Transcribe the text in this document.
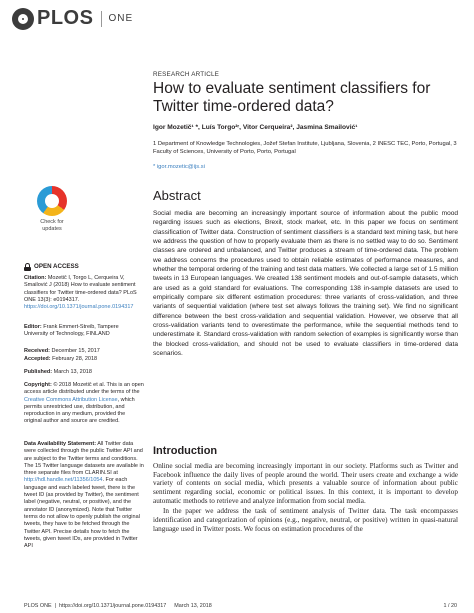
PLOS ONE
RESEARCH ARTICLE
How to evaluate sentiment classifiers for Twitter time-ordered data?
Igor Mozetič¹ *, Luís Torgo²ʳ, Vitor Cerqueira², Jasmina Smailović¹
1 Department of Knowledge Technologies, Jožef Stefan Institute, Ljubljana, Slovenia, 2 INESC TEC, Porto, Portugal, 3 Faculty of Sciences, University of Porto, Porto, Portugal
* igor.mozetic@ijs.si
Abstract
Social media are becoming an increasingly important source of information about the public mood regarding issues such as elections, Brexit, stock market, etc. In this paper we focus on sentiment classification of Twitter data. Construction of sentiment classifiers is a standard text mining task, but here we address the question of how to properly evaluate them as there is no settled way to do so. Sentiment classes are ordered and unbalanced, and Twitter produces a stream of time-ordered data. The problem we address concerns the procedures used to obtain reliable estimates of performance measures, and whether the temporal ordering of the training and test data matters. We collected a large set of 1.5 million tweets in 13 European languages. We created 138 sentiment models and out-of-sample datasets, which are used as a gold standard for evaluations. The corresponding 138 in-sample datasets are used to empirically compare six different estimation procedures: three variants of cross-validation, and three variants of sequential validation (where test set always follows the training set). We find no significant difference between the best cross-validation and sequential validation. However, we observe that all cross-validation variants tend to overestimate the performance, while the sequential methods tend to underestimate it. Standard cross-validation with random selection of examples is significantly worse than the blocked cross-validation, and should not be used to evaluate classifiers in time-ordered data scenarios.
Introduction

Online social media are becoming increasingly important in our society. Platforms such as Twitter and Facebook influence the daily lives of people around the world. Their users create and exchange a wide variety of contents on social media, which presents a valuable source of information about public sentiment regarding social, economic or political issues. In this context, it is important to develop automatic methods to retrieve and analyze information from social media.

In the paper we address the task of sentiment analysis of Twitter data. The task encompasses identification and categorization of opinions (e.g., negative, neutral, or positive) written in quasi-natural language used in Twitter posts. We focus on estimation procedures of the

Check for updates
OPEN ACCESS
Citation: Mozetič I, Torgo L, Cerqueira V, Smailović J (2018) How to evaluate sentiment classifiers for Twitter time-ordered data? PLoS ONE 13(3): e0194317. https://doi.org/10.1371/journal.pone.0194317
Editor: Frank Emmert-Streib, Tampere University of Technology, FINLAND
Received: December 15, 2017
Accepted: February 28, 2018
Published: March 13, 2018
Copyright: © 2018 Mozetič et al. This is an open access article distributed under the terms of the Creative Commons Attribution License, which permits unrestricted use, distribution, and reproduction in any medium, provided the original author and source are credited.
Data Availability Statement: All Twitter data were collected through the public Twitter API and are subject to the Twitter terms and conditions. The 15 Twitter language datasets are available in three separate files from CLARIN.SI at http://hdl.handle.net/11356/1054. For each language and each labeled tweet, there is the tweet ID (as provided by Twitter), the sentiment label (negative, neutral, or positive), and the annotator ID (anonymized). Note that Twitter terms do not allow to openly publish the original tweets, they have to be fetched through the Twitter API. Precise details how to fetch the tweets, given tweet IDs, are provided in Twitter API
PLOS ONE | https://doi.org/10.1371/journal.pone.0194317 March 13, 2018	1 / 20
